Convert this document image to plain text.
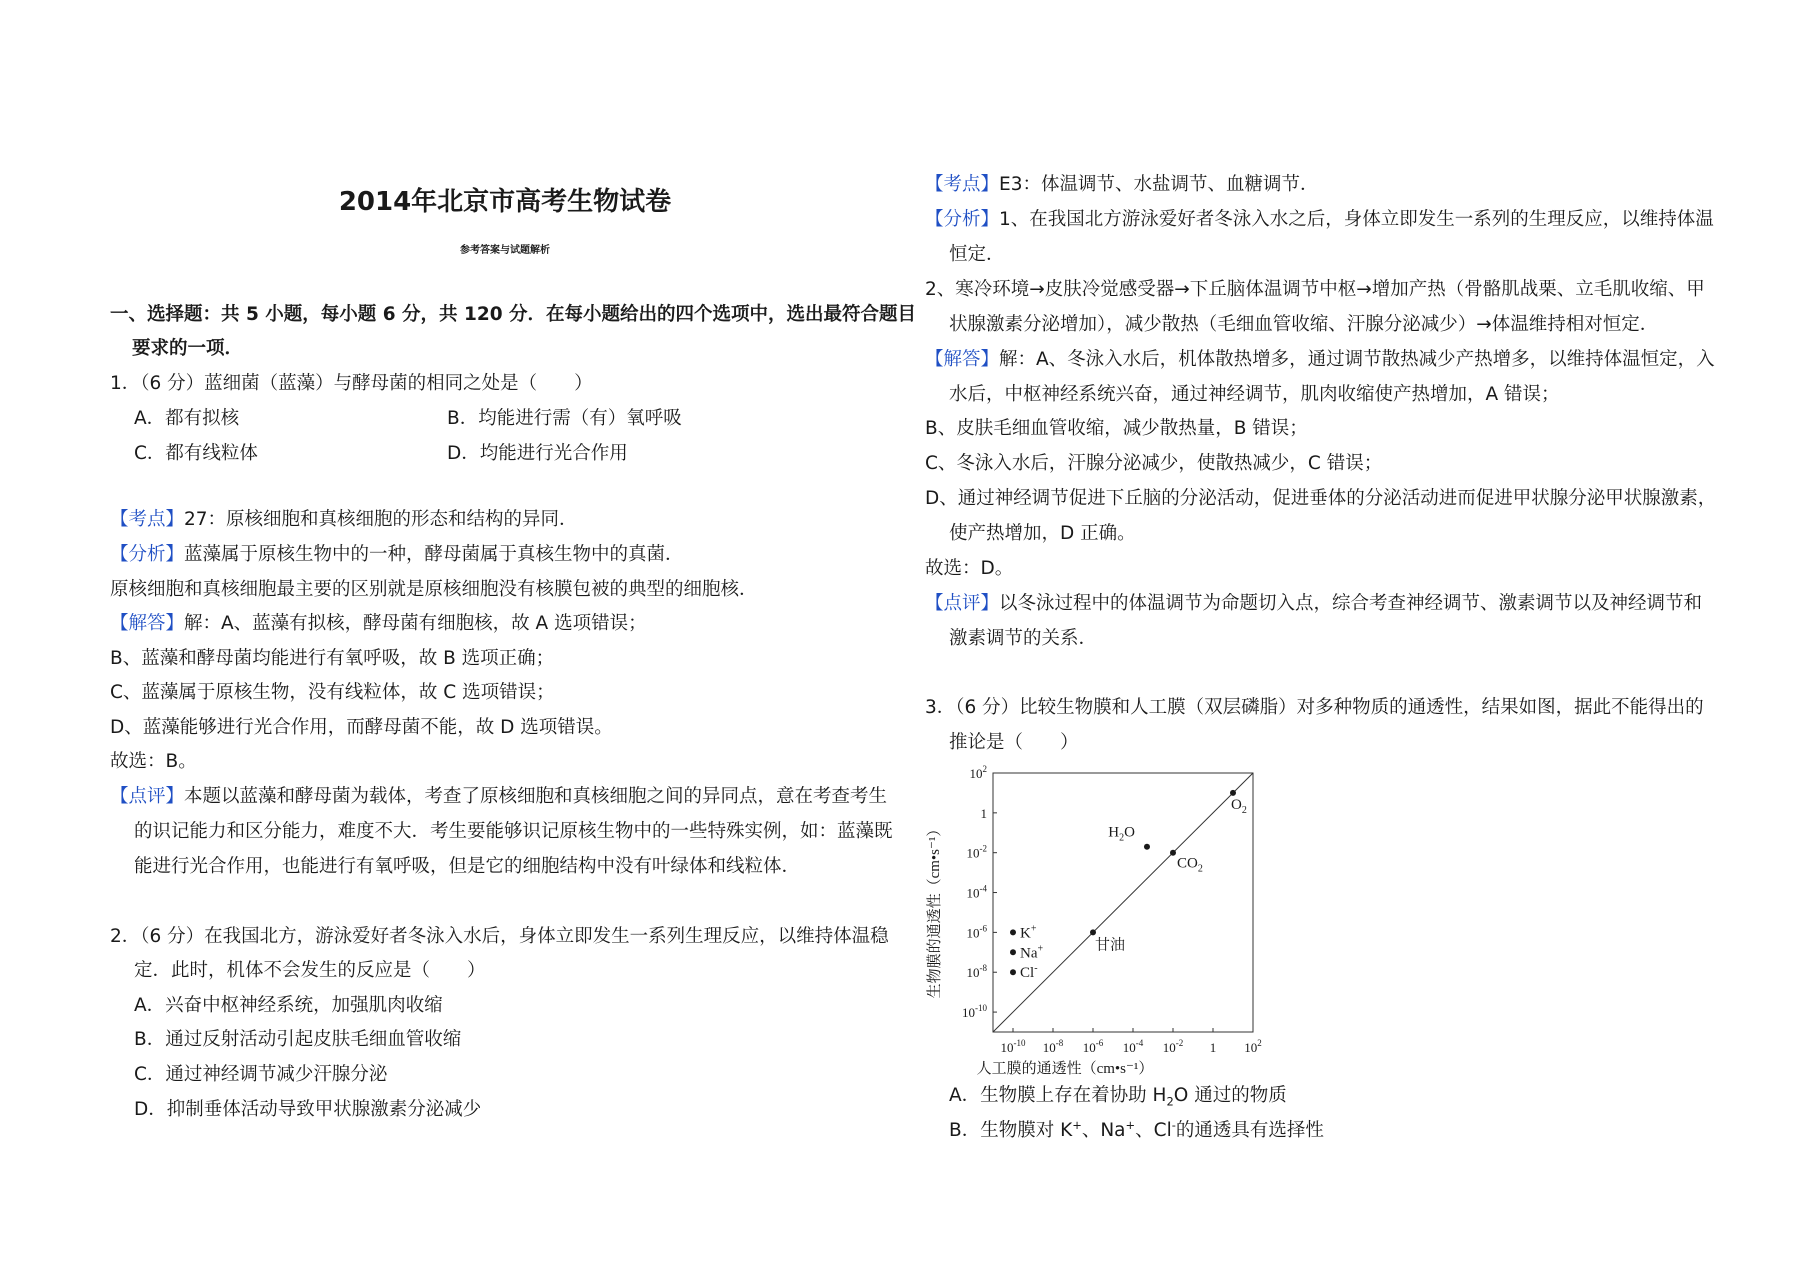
2014年北京市高考生物试卷
参考答案与试题解析
一、选择题：共 5 小题，每小题 6 分，共 120 分．在每小题给出的四个选项中，选出最符合题目
要求的一项．
1．（6 分）蓝细菌（蓝藻）与酵母菌的相同之处是（　　）
A．都有拟核	B．均能进行需（有）氧呼吸
C．都有线粒体	D．均能进行光合作用
【考点】27：原核细胞和真核细胞的形态和结构的异同．
【分析】蓝藻属于原核生物中的一种，酵母菌属于真核生物中的真菌．
原核细胞和真核细胞最主要的区别就是原核细胞没有核膜包被的典型的细胞核．
【解答】解：A、蓝藻有拟核，酵母菌有细胞核，故 A 选项错误；
B、蓝藻和酵母菌均能进行有氧呼吸，故 B 选项正确；
C、蓝藻属于原核生物，没有线粒体，故 C 选项错误；
D、蓝藻能够进行光合作用，而酵母菌不能，故 D 选项错误。
故选：B。
【点评】本题以蓝藻和酵母菌为载体，考查了原核细胞和真核细胞之间的异同点，意在考查考生
的识记能力和区分能力，难度不大．考生要能够识记原核生物中的一些特殊实例，如：蓝藻既
能进行光合作用，也能进行有氧呼吸，但是它的细胞结构中没有叶绿体和线粒体．
2．（6 分）在我国北方，游泳爱好者冬泳入水后，身体立即发生一系列生理反应，以维持体温稳
定．此时，机体不会发生的反应是（　　）
A．兴奋中枢神经系统，加强肌肉收缩
B．通过反射活动引起皮肤毛细血管收缩
C．通过神经调节减少汗腺分泌
D．抑制垂体活动导致甲状腺激素分泌减少
【考点】E3：体温调节、水盐调节、血糖调节．
【分析】1、在我国北方游泳爱好者冬泳入水之后，身体立即发生一系列的生理反应，以维持体温
恒定．
2、寒冷环境→皮肤冷觉感受器→下丘脑体温调节中枢→增加产热（骨骼肌战栗、立毛肌收缩、甲
状腺激素分泌增加），减少散热（毛细血管收缩、汗腺分泌减少）→体温维持相对恒定．
【解答】解：A、冬泳入水后，机体散热增多，通过调节散热减少产热增多，以维持体温恒定，入
水后，中枢神经系统兴奋，通过神经调节，肌肉收缩使产热增加，A 错误；
B、皮肤毛细血管收缩，减少散热量，B 错误；
C、冬泳入水后，汗腺分泌减少，使散热减少，C 错误；
D、通过神经调节促进下丘脑的分泌活动，促进垂体的分泌活动进而促进甲状腺分泌甲状腺激素，
使产热增加，D 正确。
故选：D。
【点评】以冬泳过程中的体温调节为命题切入点，综合考查神经调节、激素调节以及神经调节和
激素调节的关系．
3．（6 分）比较生物膜和人工膜（双层磷脂）对多种物质的通透性，结果如图，据此不能得出的
推论是（　　）
A．生物膜上存在着协助 $H_2O$ 通过的物质
B．生物膜对 K+、Na+、Cl-的通透具有选择性
$10^{-10}$ $10^{-8}$ $10^{-6}$ $10^{-4}$ $10^{-2}$ 1 $10^2$
$10^{-10}$
$10^{-8}$
$10^{-6}$
$10^{-4}$
$10^{-2}$
1
$10^2$
$O_2$
$H_2O$
$CO_2$
甘油
K+
Na+
Cl-
人工膜的通透性（cm•s⁻¹）
生物膜的通透性（cm•s⁻¹）
